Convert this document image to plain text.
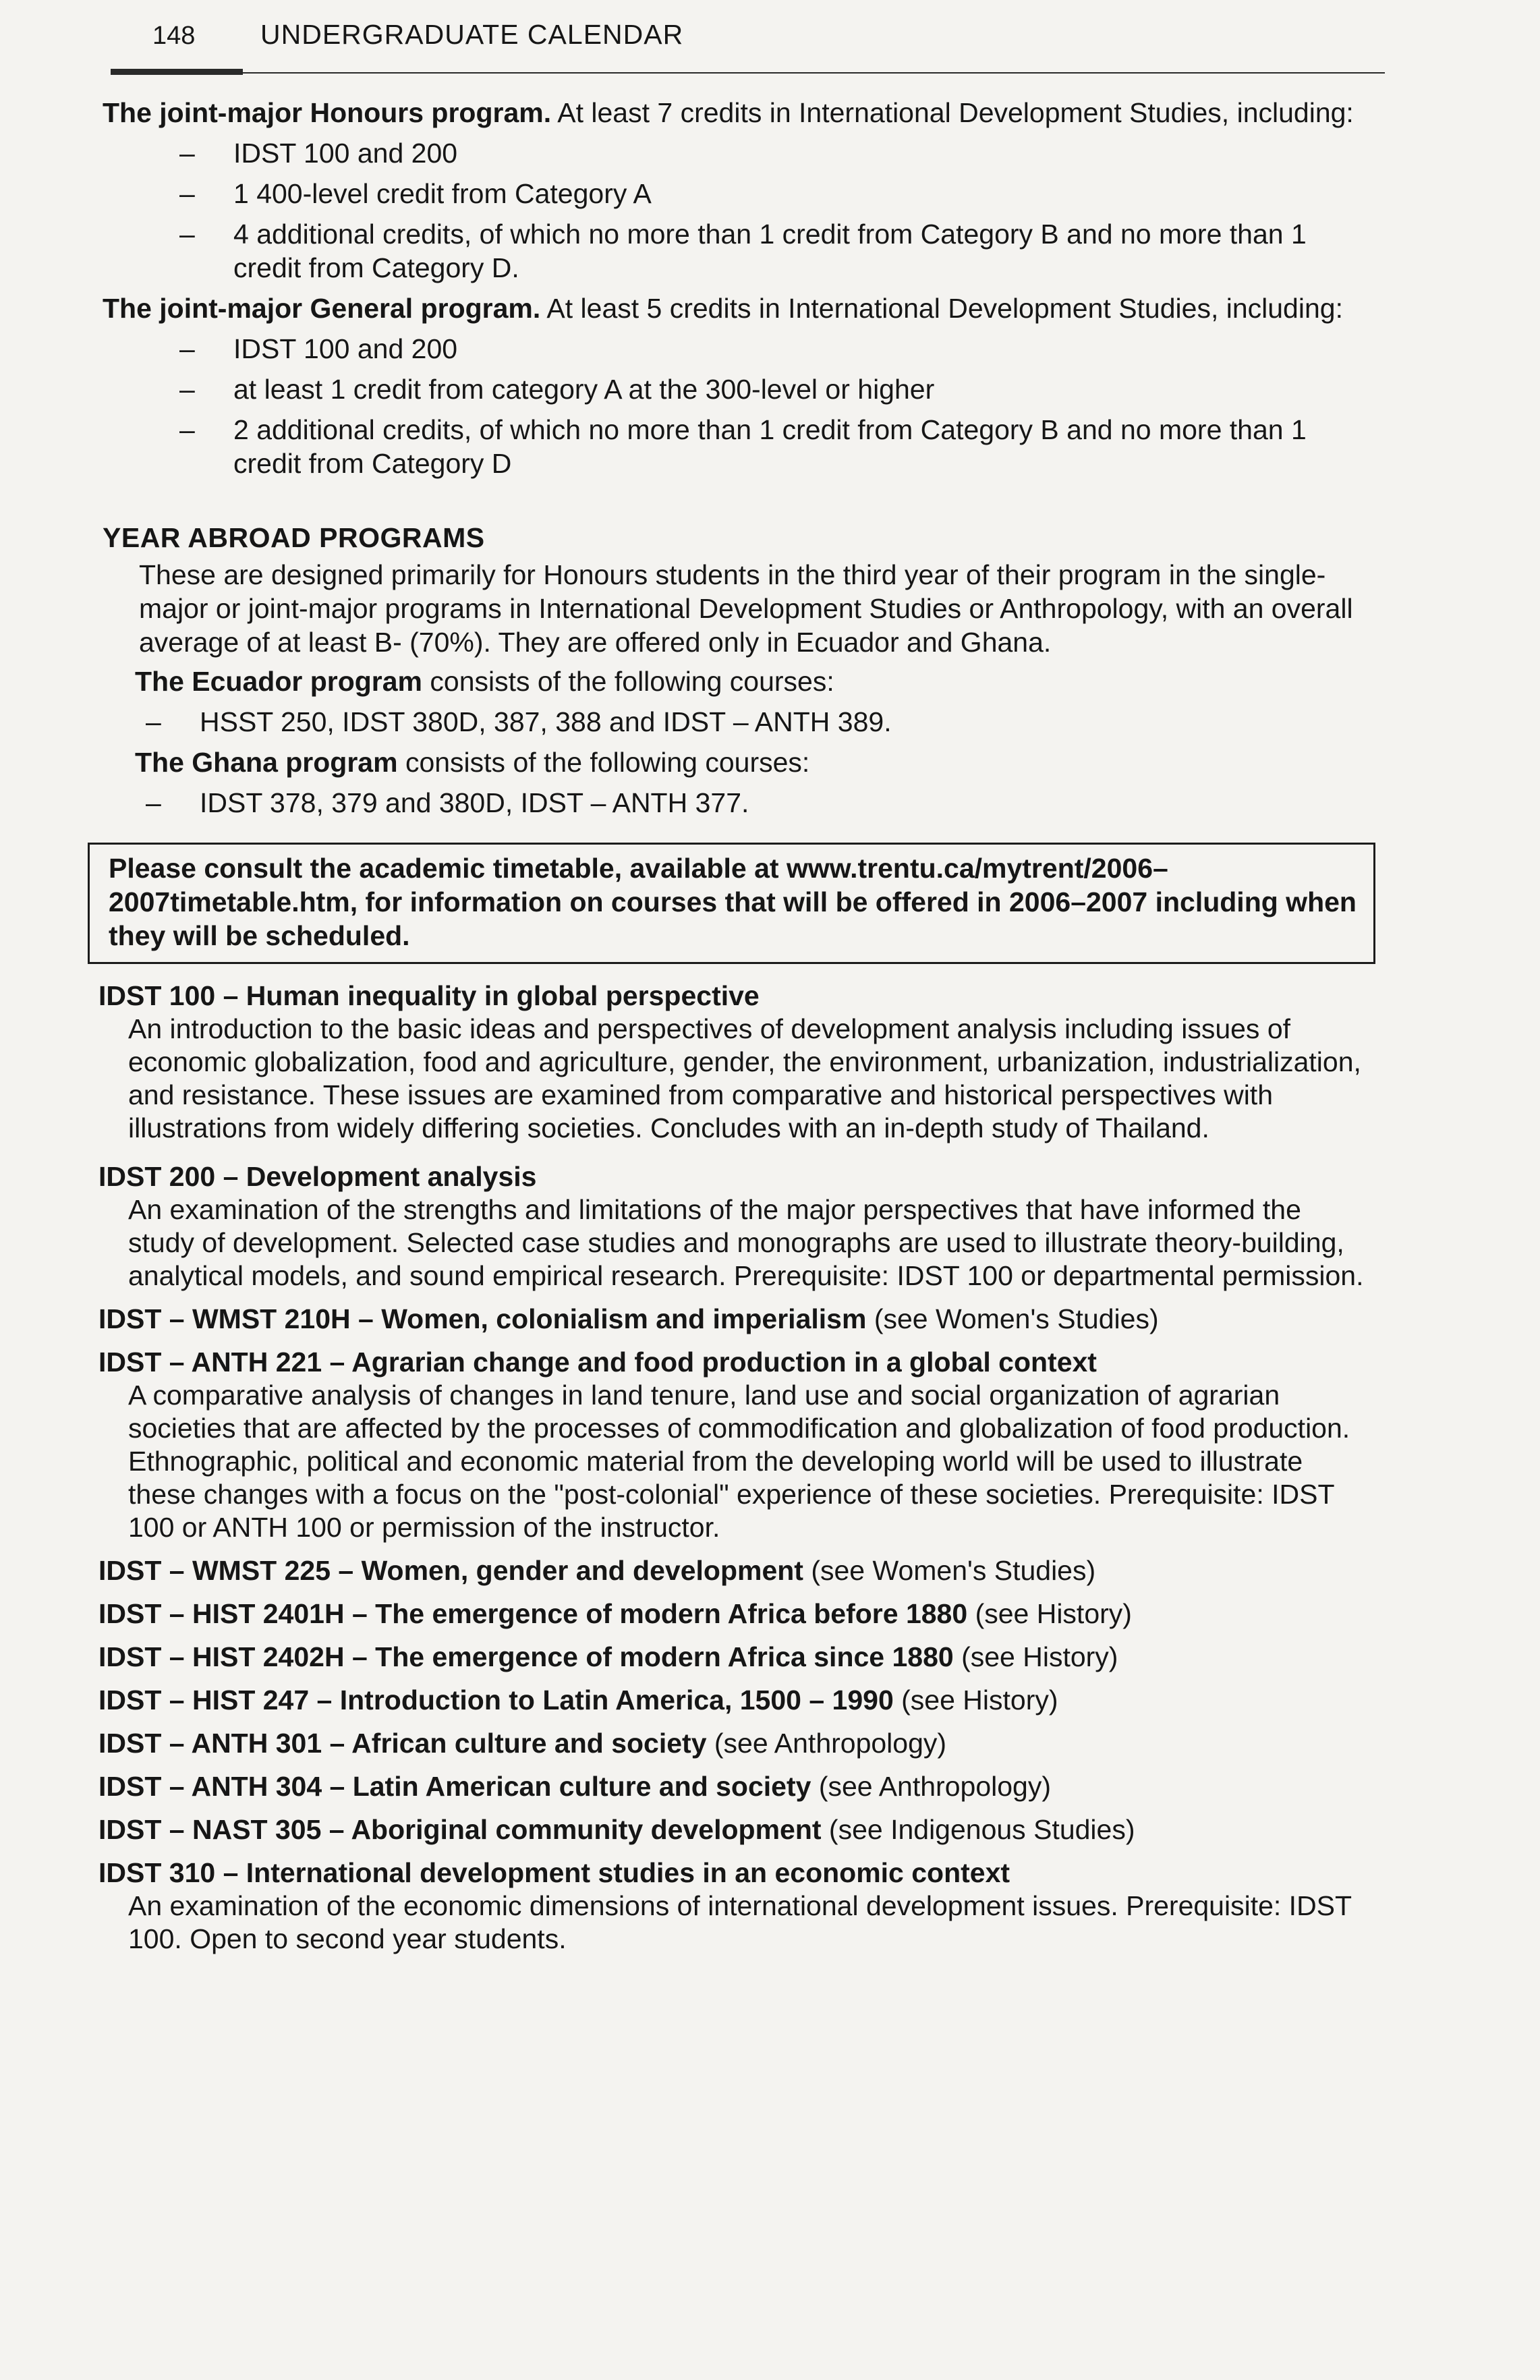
148	UNDERGRADUATE CALENDAR

The joint-major Honours program. At least 7 credits in International Development Studies, including:

– IDST 100 and 200
– 1 400-level credit from Category A
– 4 additional credits, of which no more than 1 credit from Category B and no more than 1 credit from Category D.

The joint-major General program. At least 5 credits in International Development Studies, including:

– IDST 100 and 200
– at least 1 credit from category A at the 300-level or higher
– 2 additional credits, of which no more than 1 credit from Category B and no more than 1 credit from Category D
YEAR ABROAD PROGRAMS

These are designed primarily for Honours students in the third year of their program in the single-major or joint-major programs in International Development Studies or Anthropology, with an overall average of at least B- (70%). They are offered only in Ecuador and Ghana.

The Ecuador program consists of the following courses:

– HSST 250, IDST 380D, 387, 388 and IDST – ANTH 389.

The Ghana program consists of the following courses:

– IDST 378, 379 and 380D, IDST – ANTH 377.
Please consult the academic timetable, available at www.trentu.ca/mytrent/2006–2007timetable.htm, for information on courses that will be offered in 2006–2007 including when they will be scheduled.
IDST 100 – Human inequality in global perspective
An introduction to the basic ideas and perspectives of development analysis including issues of economic globalization, food and agriculture, gender, the environment, urbanization, industrialization, and resistance. These issues are examined from comparative and historical perspectives with illustrations from widely differing societies. Concludes with an in-depth study of Thailand.
IDST 200 – Development analysis
An examination of the strengths and limitations of the major perspectives that have informed the study of development. Selected case studies and monographs are used to illustrate theory-building, analytical models, and sound empirical research. Prerequisite: IDST 100 or departmental permission.
IDST – WMST 210H – Women, colonialism and imperialism (see Women's Studies)
IDST – ANTH 221 – Agrarian change and food production in a global context
A comparative analysis of changes in land tenure, land use and social organization of agrarian societies that are affected by the processes of commodification and globalization of food production. Ethnographic, political and economic material from the developing world will be used to illustrate these changes with a focus on the "post-colonial" experience of these societies. Prerequisite: IDST 100 or ANTH 100 or permission of the instructor.
IDST – WMST 225 – Women, gender and development (see Women's Studies)
IDST – HIST 2401H – The emergence of modern Africa before 1880 (see History)
IDST – HIST 2402H – The emergence of modern Africa since 1880 (see History)
IDST – HIST 247 – Introduction to Latin America, 1500 – 1990 (see History)
IDST – ANTH 301 – African culture and society (see Anthropology)
IDST – ANTH 304 – Latin American culture and society (see Anthropology)
IDST – NAST 305 – Aboriginal community development (see Indigenous Studies)
IDST 310 – International development studies in an economic context
An examination of the economic dimensions of international development issues. Prerequisite: IDST 100. Open to second year students.
